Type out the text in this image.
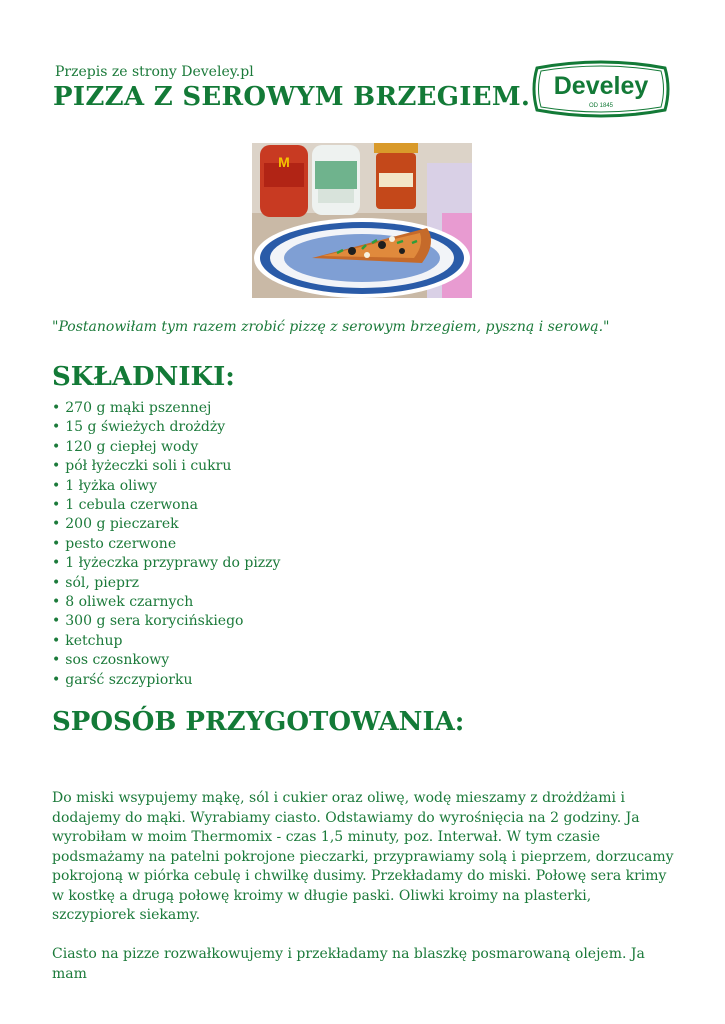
Przepis ze strony Develey.pl
PIZZA Z SEROWYM BRZEGIEM. Develey
OD 1845
M
"Postanowiłam tym razem zrobić pizzę z serowym brzegiem, pyszną i serową."
SKŁADNIKI:
• 270 g mąki pszennej
• 15 g świeżych drożdży
• 120 g ciepłej wody
• pół łyżeczki soli i cukru
• 1 łyżka oliwy
• 1 cebula czerwona
• 200 g pieczarek
• pesto czerwone
• 1 łyżeczka przyprawy do pizzy
• sól, pieprz
• 8 oliwek czarnych
• 300 g sera korycińskiego
• ketchup
• sos czosnkowy
• garść szczypiorku
SPOSÓB PRZYGOTOWANIA:

Do miski wsypujemy mąkę, sól i cukier oraz oliwę, wodę mieszamy z drożdżami i dodajemy do mąki. Wyrabiamy ciasto. Odstawiamy do wyrośnięcia na 2 godziny. Ja wyrobiłam w moim Thermomix - czas 1,5 minuty, poz. Interwał. W tym czasie podsmażamy na patelni pokrojone pieczarki, przyprawiamy solą i pieprzem, dorzucamy pokrojoną w piórka cebulę i chwilkę dusimy. Przekładamy do miski. Połowę sera krimy w kostkę a drugą połowę kroimy w długie paski. Oliwki kroimy na plasterki, szczypiorek siekamy.

Ciasto na pizze rozwałkowujemy i przekładamy na blaszkę posmarowaną olejem. Ja mam
